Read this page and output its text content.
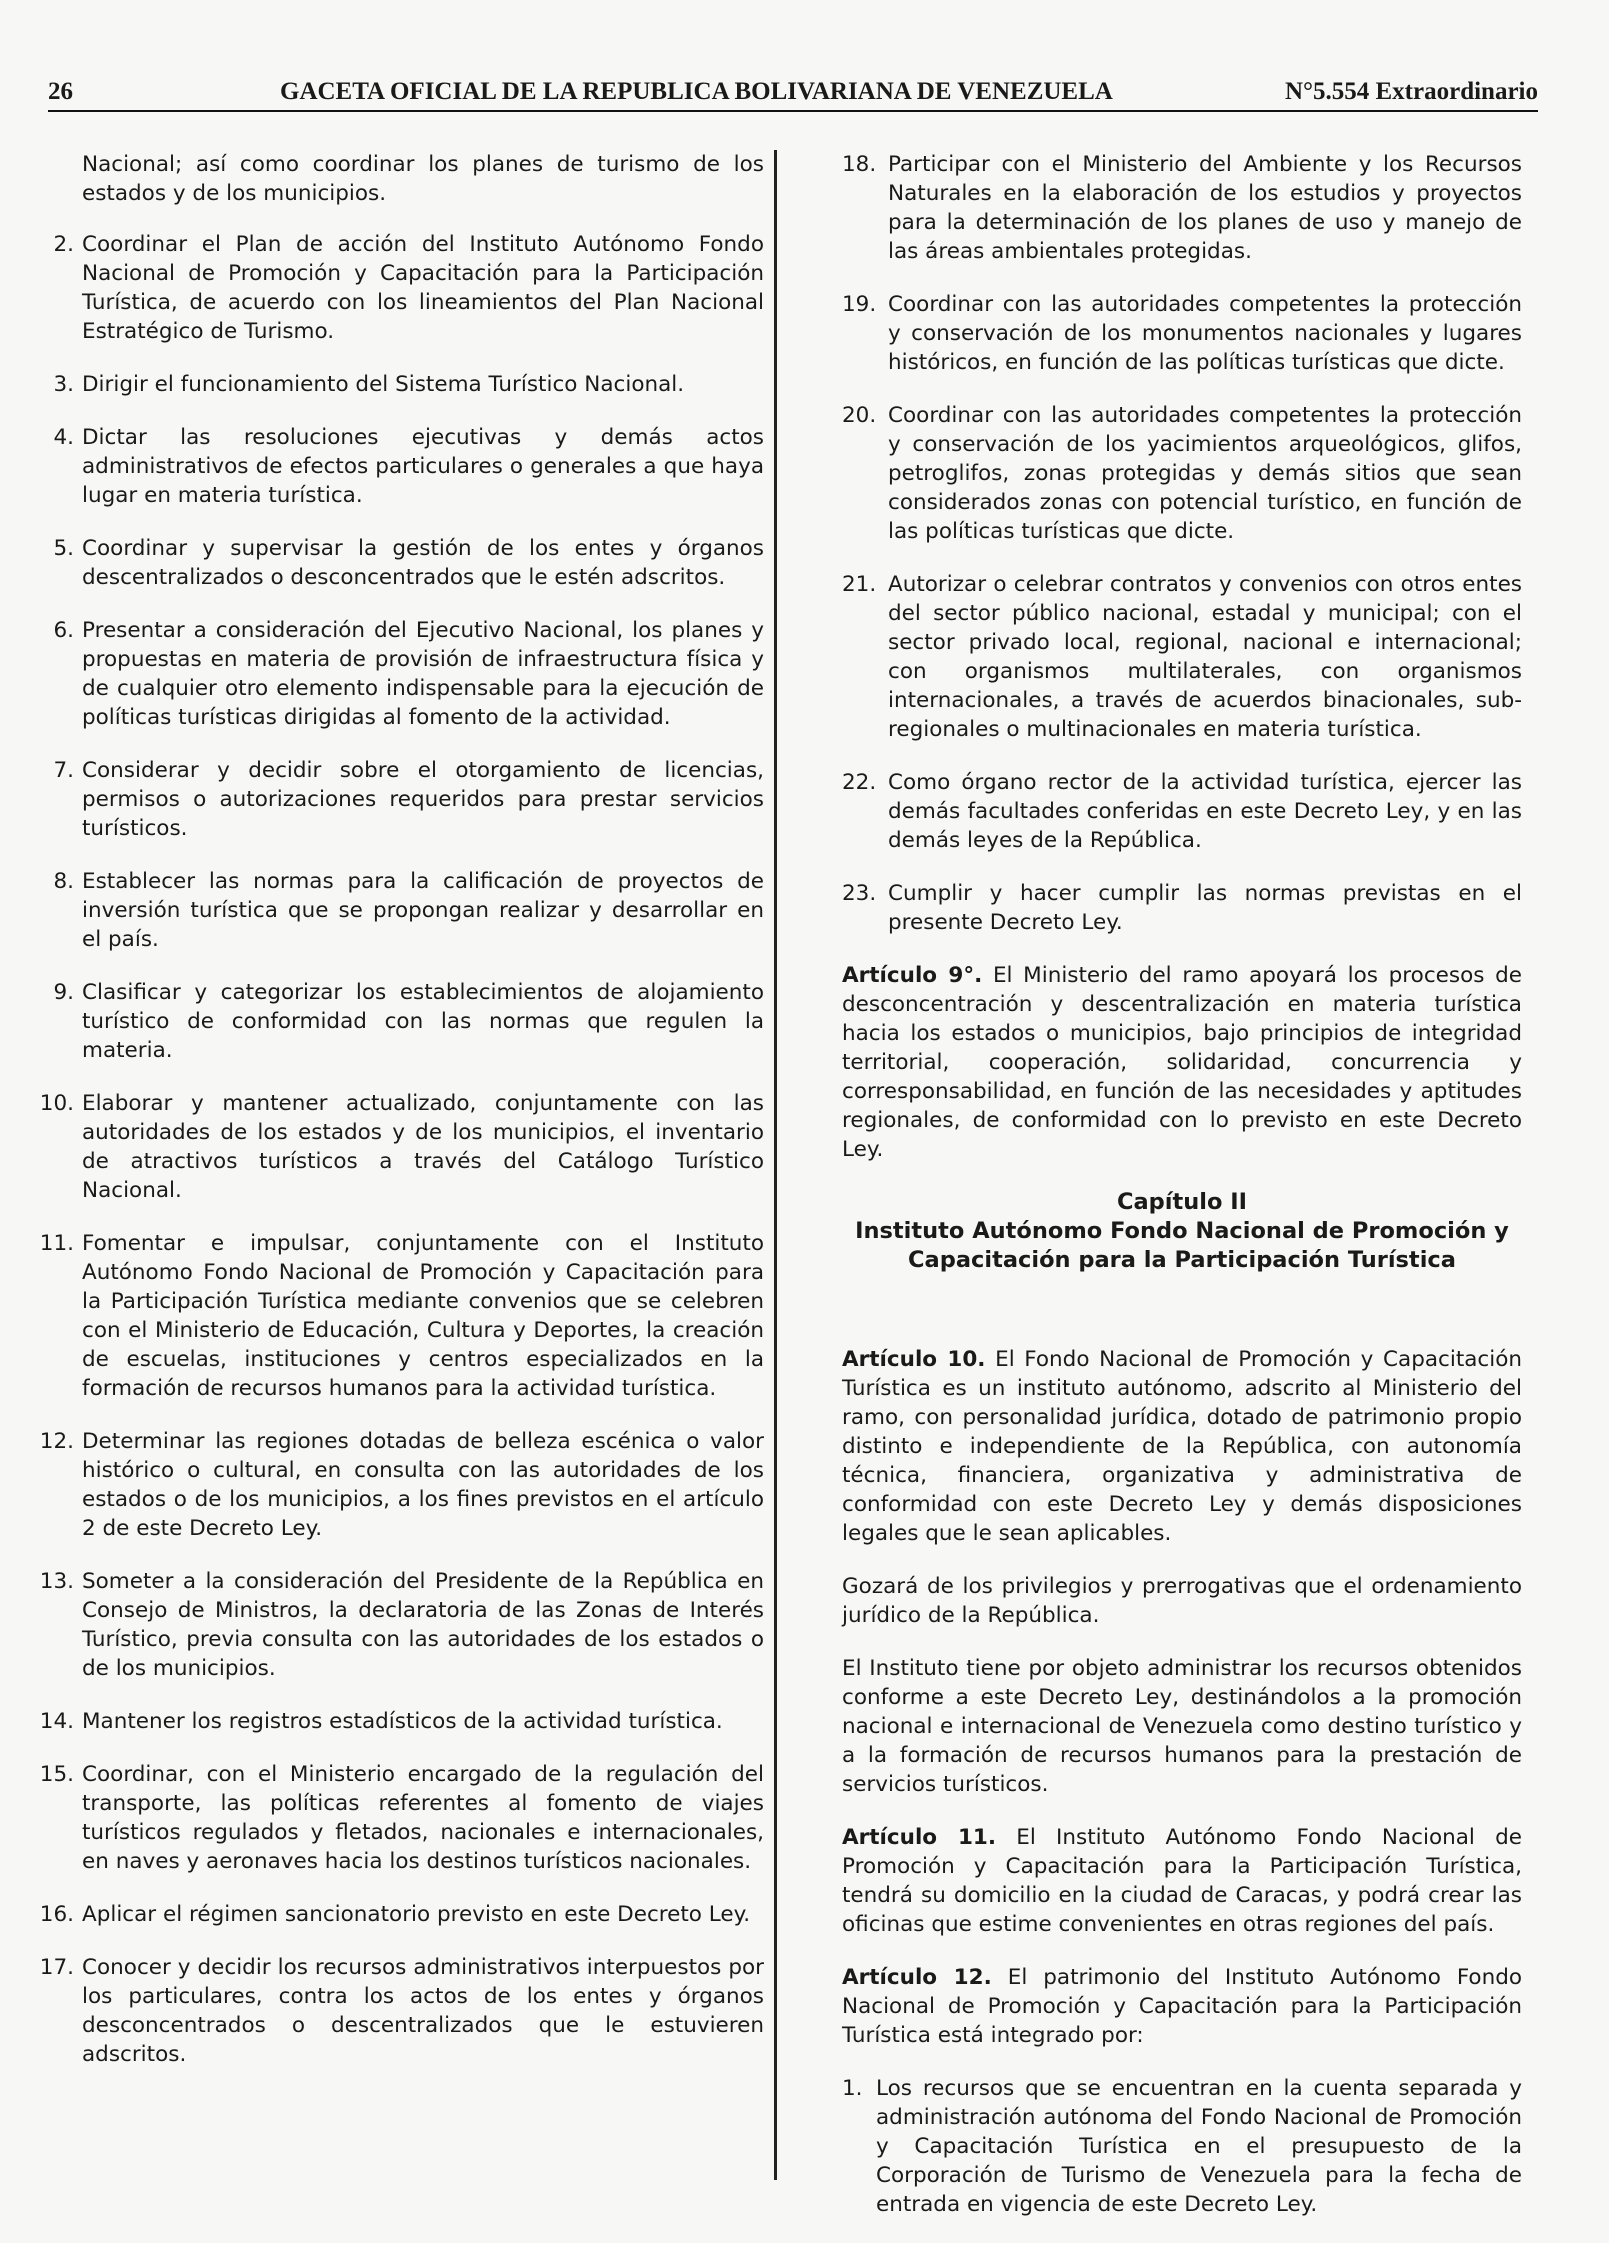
26	GACETA OFICIAL DE LA REPUBLICA BOLIVARIANA DE VENEZUELA	N°5.554 Extraordinario
Nacional; así como coordinar los planes de turismo de los estados y de los municipios.
2. Coordinar el Plan de acción del Instituto Autónomo Fondo Nacional de Promoción y Capacitación para la Participación Turística, de acuerdo con los lineamientos del Plan Nacional Estratégico de Turismo.
3. Dirigir el funcionamiento del Sistema Turístico Nacional.
4. Dictar las resoluciones ejecutivas y demás actos administrativos de efectos particulares o generales a que haya lugar en materia turística.
5. Coordinar y supervisar la gestión de los entes y órganos descentralizados o desconcentrados que le estén adscritos.
6. Presentar a consideración del Ejecutivo Nacional, los planes y propuestas en materia de provisión de infraestructura física y de cualquier otro elemento indispensable para la ejecución de políticas turísticas dirigidas al fomento de la actividad.
7. Considerar y decidir sobre el otorgamiento de licencias, permisos o autorizaciones requeridos para prestar servicios turísticos.
8. Establecer las normas para la calificación de proyectos de inversión turística que se propongan realizar y desarrollar en el país.
9. Clasificar y categorizar los establecimientos de alojamiento turístico de conformidad con las normas que regulen la materia.
10. Elaborar y mantener actualizado, conjuntamente con las autoridades de los estados y de los municipios, el inventario de atractivos turísticos a través del Catálogo Turístico Nacional.
11. Fomentar e impulsar, conjuntamente con el Instituto Autónomo Fondo Nacional de Promoción y Capacitación para la Participación Turística mediante convenios que se celebren con el Ministerio de Educación, Cultura y Deportes, la creación de escuelas, instituciones y centros especializados en la formación de recursos humanos para la actividad turística.
12. Determinar las regiones dotadas de belleza escénica o valor histórico o cultural, en consulta con las autoridades de los estados o de los municipios, a los fines previstos en el artículo 2 de este Decreto Ley.
13. Someter a la consideración del Presidente de la República en Consejo de Ministros, la declaratoria de las Zonas de Interés Turístico, previa consulta con las autoridades de los estados o de los municipios.
14. Mantener los registros estadísticos de la actividad turística.
15. Coordinar, con el Ministerio encargado de la regulación del transporte, las políticas referentes al fomento de viajes turísticos regulados y fletados, nacionales e internacionales, en naves y aeronaves hacia los destinos turísticos nacionales.
16. Aplicar el régimen sancionatorio previsto en este Decreto Ley.
17. Conocer y decidir los recursos administrativos interpuestos por los particulares, contra los actos de los entes y órganos desconcentrados o descentralizados que le estuvieren adscritos.
18. Participar con el Ministerio del Ambiente y los Recursos Naturales en la elaboración de los estudios y proyectos para la determinación de los planes de uso y manejo de las áreas ambientales protegidas.
19. Coordinar con las autoridades competentes la protección y conservación de los monumentos nacionales y lugares históricos, en función de las políticas turísticas que dicte.
20. Coordinar con las autoridades competentes la protección y conservación de los yacimientos arqueológicos, glifos, petroglifos, zonas protegidas y demás sitios que sean considerados zonas con potencial turístico, en función de las políticas turísticas que dicte.
21. Autorizar o celebrar contratos y convenios con otros entes del sector público nacional, estadal y municipal; con el sector privado local, regional, nacional e internacional; con organismos multilaterales, con organismos internacionales, a través de acuerdos binacionales, sub-regionales o multinacionales en materia turística.
22. Como órgano rector de la actividad turística, ejercer las demás facultades conferidas en este Decreto Ley, y en las demás leyes de la República.
23. Cumplir y hacer cumplir las normas previstas en el presente Decreto Ley.
Artículo 9°. El Ministerio del ramo apoyará los procesos de desconcentración y descentralización en materia turística hacia los estados o municipios, bajo principios de integridad territorial, cooperación, solidaridad, concurrencia y corresponsabilidad, en función de las necesidades y aptitudes regionales, de conformidad con lo previsto en este Decreto Ley.
Capítulo II
Instituto Autónomo Fondo Nacional de Promoción y
Capacitación para la Participación Turística
Artículo 10. El Fondo Nacional de Promoción y Capacitación Turística es un instituto autónomo, adscrito al Ministerio del ramo, con personalidad jurídica, dotado de patrimonio propio distinto e independiente de la República, con autonomía técnica, financiera, organizativa y administrativa de conformidad con este Decreto Ley y demás disposiciones legales que le sean aplicables.
Gozará de los privilegios y prerrogativas que el ordenamiento jurídico de la República.
El Instituto tiene por objeto administrar los recursos obtenidos conforme a este Decreto Ley, destinándolos a la promoción nacional e internacional de Venezuela como destino turístico y a la formación de recursos humanos para la prestación de servicios turísticos.
Artículo 11. El Instituto Autónomo Fondo Nacional de Promoción y Capacitación para la Participación Turística, tendrá su domicilio en la ciudad de Caracas, y podrá crear las oficinas que estime convenientes en otras regiones del país.
Artículo 12. El patrimonio del Instituto Autónomo Fondo Nacional de Promoción y Capacitación para la Participación Turística está integrado por:
1. Los recursos que se encuentran en la cuenta separada y administración autónoma del Fondo Nacional de Promoción y Capacitación Turística en el presupuesto de la Corporación de Turismo de Venezuela para la fecha de entrada en vigencia de este Decreto Ley.
